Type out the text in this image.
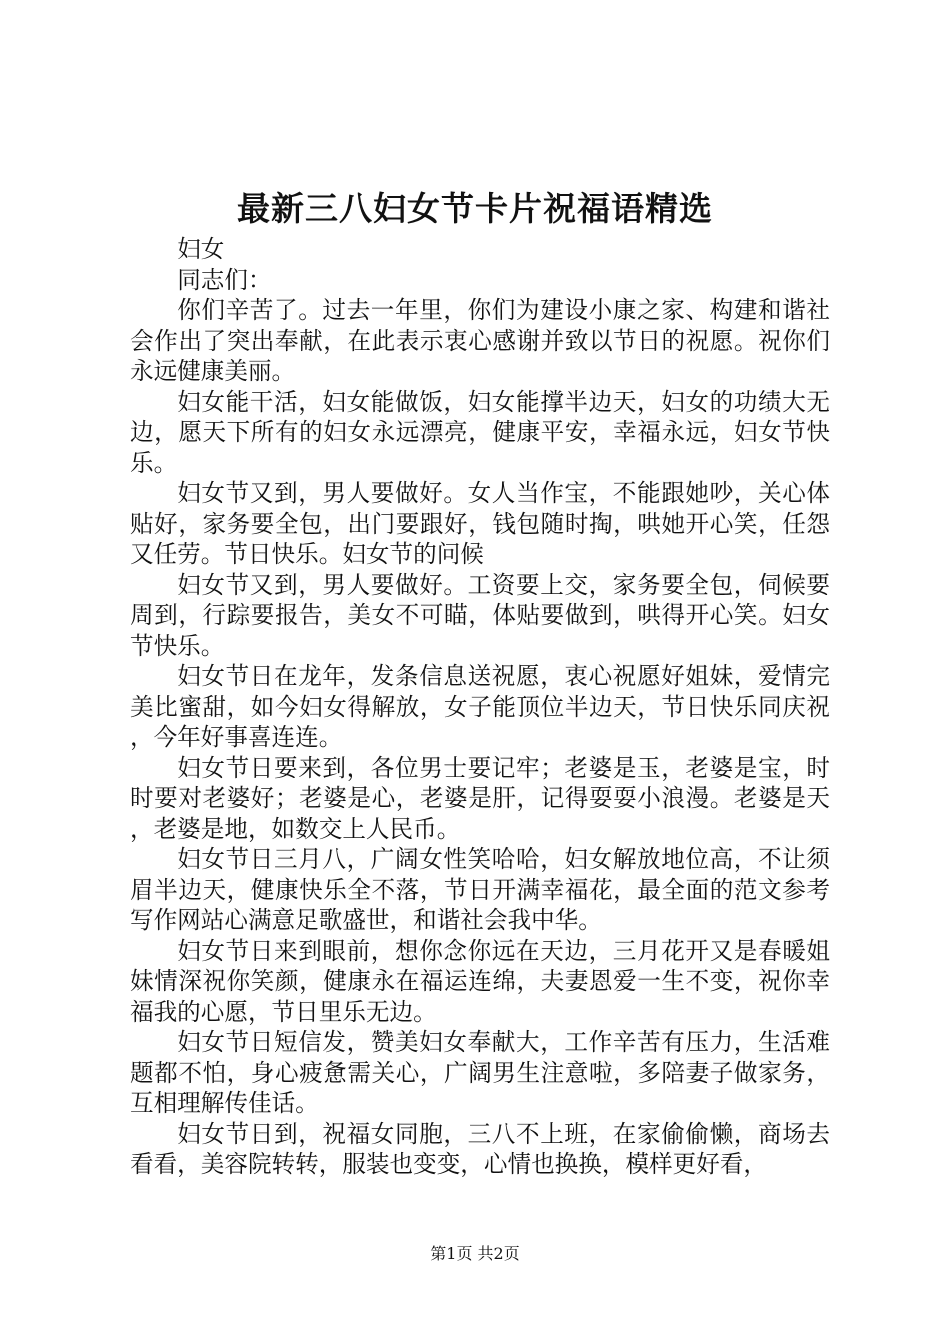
最新三八妇女节卡片祝福语精选

妇女

同志们：

你们辛苦了。过去一年里，你们为建设小康之家、构建和谐社会作出了突出奉献，在此表示衷心感谢并致以节日的祝愿。祝你们永远健康美丽。

妇女能干活，妇女能做饭，妇女能撑半边天，妇女的功绩大无边，愿天下所有的妇女永远漂亮，健康平安，幸福永远，妇女节快乐。

妇女节又到，男人要做好。女人当作宝，不能跟她吵，关心体贴好，家务要全包，出门要跟好，钱包随时掏，哄她开心笑，任怨又任劳。节日快乐。妇女节的问候

妇女节又到，男人要做好。工资要上交，家务要全包，伺候要周到，行踪要报告，美女不可瞄，体贴要做到，哄得开心笑。妇女节快乐。

妇女节日在龙年，发条信息送祝愿，衷心祝愿好姐妹，爱情完美比蜜甜，如今妇女得解放，女子能顶位半边天，节日快乐同庆祝，今年好事喜连连。

妇女节日要来到，各位男士要记牢；老婆是玉，老婆是宝，时时要对老婆好；老婆是心，老婆是肝，记得耍耍小浪漫。老婆是天，老婆是地，如数交上人民币。

妇女节日三月八，广阔女性笑哈哈，妇女解放地位高，不让须眉半边天，健康快乐全不落，节日开满幸福花，最全面的范文参考写作网站心满意足歌盛世，和谐社会我中华。

妇女节日来到眼前，想你念你远在天边，三月花开又是春暖姐妹情深祝你笑颜，健康永在福运连绵，夫妻恩爱一生不变，祝你幸福我的心愿，节日里乐无边。

妇女节日短信发，赞美妇女奉献大，工作辛苦有压力，生活难题都不怕，身心疲惫需关心，广阔男生注意啦，多陪妻子做家务，互相理解传佳话。

妇女节日到，祝福女同胞，三八不上班，在家偷偷懒，商场去看看，美容院转转，服装也变变，心情也换换，模样更好看，

第1页 共2页
